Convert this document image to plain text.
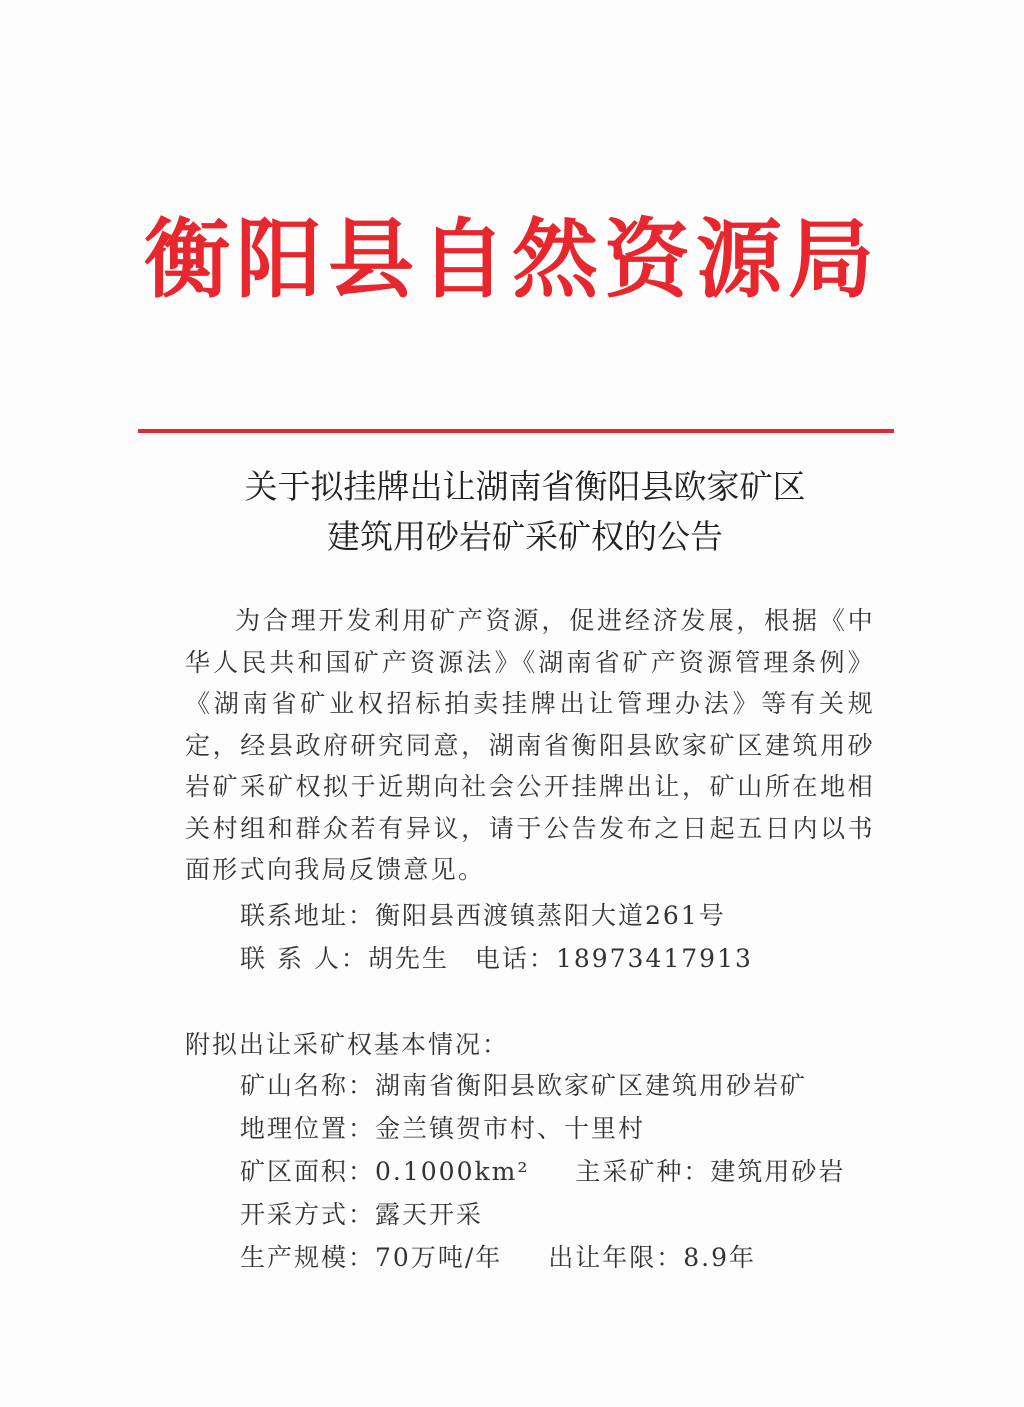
衡阳县自然资源局
关于拟挂牌出让湖南省衡阳县欧家矿区
建筑用砂岩矿采矿权的公告

为合理开发利用矿产资源，促进经济发展，根据《中华人民共和国矿产资源法》《湖南省矿产资源管理条例》《湖南省矿业权招标拍卖挂牌出让管理办法》等有关规定，经县政府研究同意，湖南省衡阳县欧家矿区建筑用砂岩矿采矿权拟于近期向社会公开挂牌出让，矿山所在地相关村组和群众若有异议，请于公告发布之日起五日内以书面形式向我局反馈意见。

联系地址：衡阳县西渡镇蒸阳大道261号
联 系 人：胡先生 电话：18973417913
附拟出让采矿权基本情况：
矿山名称：湖南省衡阳县欧家矿区建筑用砂岩矿
地理位置：金兰镇贺市村、十里村
矿区面积：0.1000km² 主采矿种：建筑用砂岩
开采方式：露天开采
生产规模：70万吨/年 出让年限：8.9年
